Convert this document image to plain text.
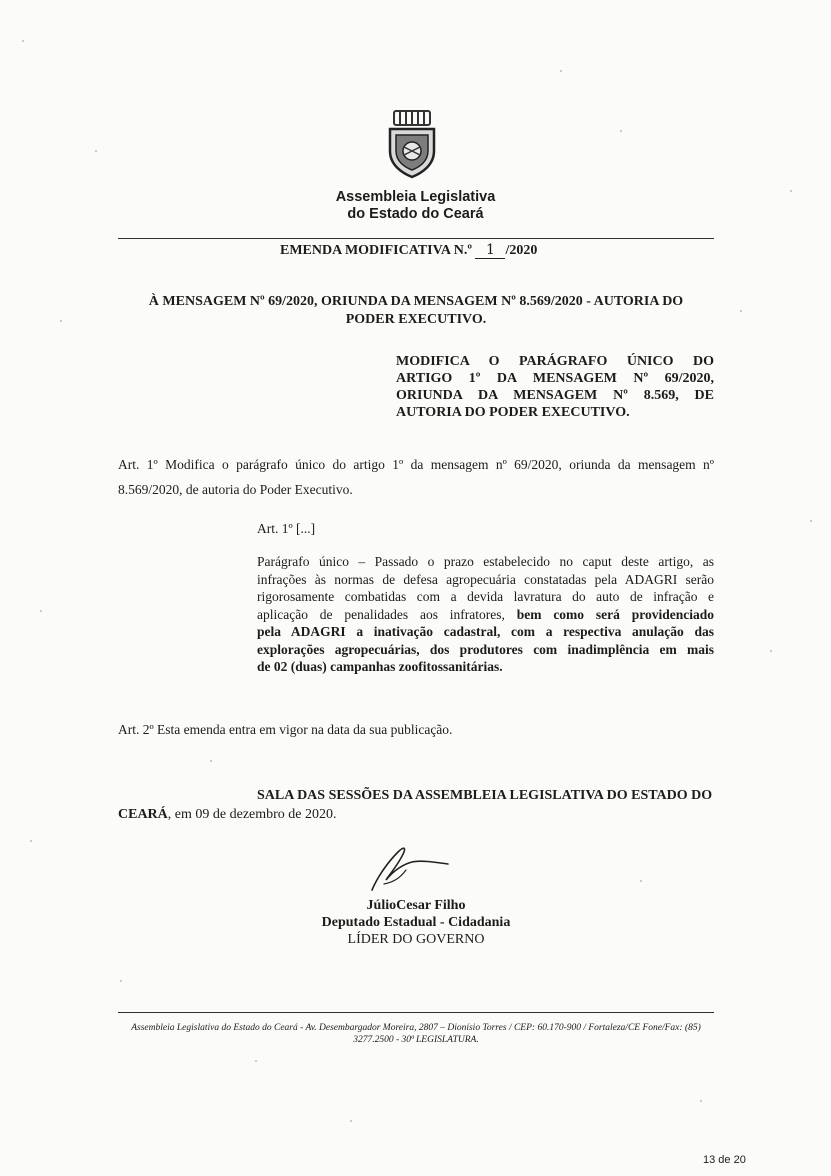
Assembleia Legislativa
do Estado do Ceará
EMENDA MODIFICATIVA N.º 1 /2020
À MENSAGEM Nº 69/2020, ORIUNDA DA MENSAGEM Nº 8.569/2020 - AUTORIA DO
PODER EXECUTIVO.
MODIFICA O PARÁGRAFO ÚNICO DO
ARTIGO 1º DA MENSAGEM Nº 69/2020,
ORIUNDA DA MENSAGEM Nº 8.569, DE
AUTORIA DO PODER EXECUTIVO.
Art. 1º Modifica o parágrafo único do artigo 1º da mensagem nº 69/2020, oriunda da mensagem nº
8.569/2020, de autoria do Poder Executivo.
Art. 1º [...]
Parágrafo único – Passado o prazo estabelecido no caput deste artigo, as
infrações às normas de defesa agropecuária constatadas pela ADAGRI serão
rigorosamente combatidas com a devida lavratura do auto de infração e
aplicação de penalidades aos infratores, bem como será providenciado
pela ADAGRI a inativação cadastral, com a respectiva anulação das
explorações agropecuárias, dos produtores com inadimplência em mais
de 02 (duas) campanhas zoofitossanitárias.
Art. 2º Esta emenda entra em vigor na data da sua publicação.
SALA DAS SESSÕES DA ASSEMBLEIA LEGISLATIVA DO ESTADO DO
CEARÁ, em 09 de dezembro de 2020.
JúlioCesar Filho
Deputado Estadual - Cidadania
LÍDER DO GOVERNO
Assembleia Legislativa do Estado do Ceará - Av. Desembargador Moreira, 2807 – Dionísio Torres / CEP: 60.170-900 / Fortaleza/CE Fone/Fax: (85)
3277.2500 - 30ª LEGISLATURA.
13 de 20
